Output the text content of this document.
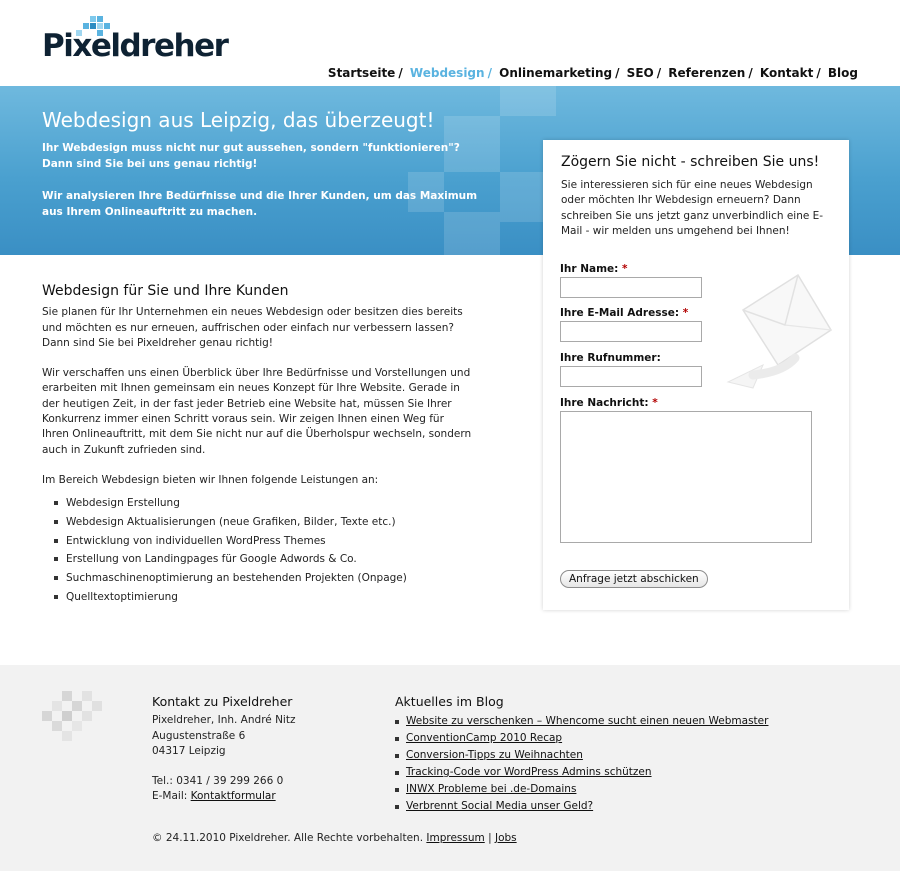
Pixeldreher
Startseite / Webdesign / Onlinemarketing / SEO / Referenzen / Kontakt / Blog
Webdesign aus Leipzig, das überzeugt!
Ihr Webdesign muss nicht nur gut aussehen, sondern "funktionieren"?
Dann sind Sie bei uns genau richtig!
Wir analysieren Ihre Bedürfnisse und die Ihrer Kunden, um das Maximum aus Ihrem Onlineauftritt zu machen.
Webdesign für Sie und Ihre Kunden

Sie planen für Ihr Unternehmen ein neues Webdesign oder besitzen dies bereits und möchten es nur erneuen, auffrischen oder einfach nur verbessern lassen? Dann sind Sie bei Pixeldreher genau richtig!

Wir verschaffen uns einen Überblick über Ihre Bedürfnisse und Vorstellungen und erarbeiten mit Ihnen gemeinsam ein neues Konzept für Ihre Website. Gerade in der heutigen Zeit, in der fast jeder Betrieb eine Website hat, müssen Sie Ihrer Konkurrenz immer einen Schritt voraus sein. Wir zeigen Ihnen einen Weg für Ihren Onlineauftritt, mit dem Sie nicht nur auf die Überholspur wechseln, sondern auch in Zukunft zufrieden sind.

Im Bereich Webdesign bieten wir Ihnen folgende Leistungen an:

Webdesign Erstellung
Webdesign Aktualisierungen (neue Grafiken, Bilder, Texte etc.)
Entwicklung von individuellen WordPress Themes
Erstellung von Landingpages für Google Adwords & Co.
Suchmaschinenoptimierung an bestehenden Projekten (Onpage)
Quelltextoptimierung
Zögern Sie nicht - schreiben Sie uns!
Sie interessieren sich für eine neues Webdesign oder möchten Ihr Webdesign erneuern? Dann schreiben Sie uns jetzt ganz unverbindlich eine E-Mail - wir melden uns umgehend bei Ihnen!
Ihr Name: *
Ihre E-Mail Adresse: *
Ihre Rufnummer:
Ihre Nachricht: *
Anfrage jetzt abschicken
Kontakt zu Pixeldreher
Pixeldreher, Inh. André Nitz
Augustenstraße 6
04317 Leipzig
Tel.: 0341 / 39 299 266 0
E-Mail: Kontaktformular
Aktuelles im Blog
Website zu verschenken – Whencome sucht einen neuen Webmaster
ConventionCamp 2010 Recap
Conversion-Tipps zu Weihnachten
Tracking-Code vor WordPress Admins schützen
INWX Probleme bei .de-Domains
Verbrennt Social Media unser Geld?
© 24.11.2010 Pixeldreher. Alle Rechte vorbehalten. Impressum | Jobs
